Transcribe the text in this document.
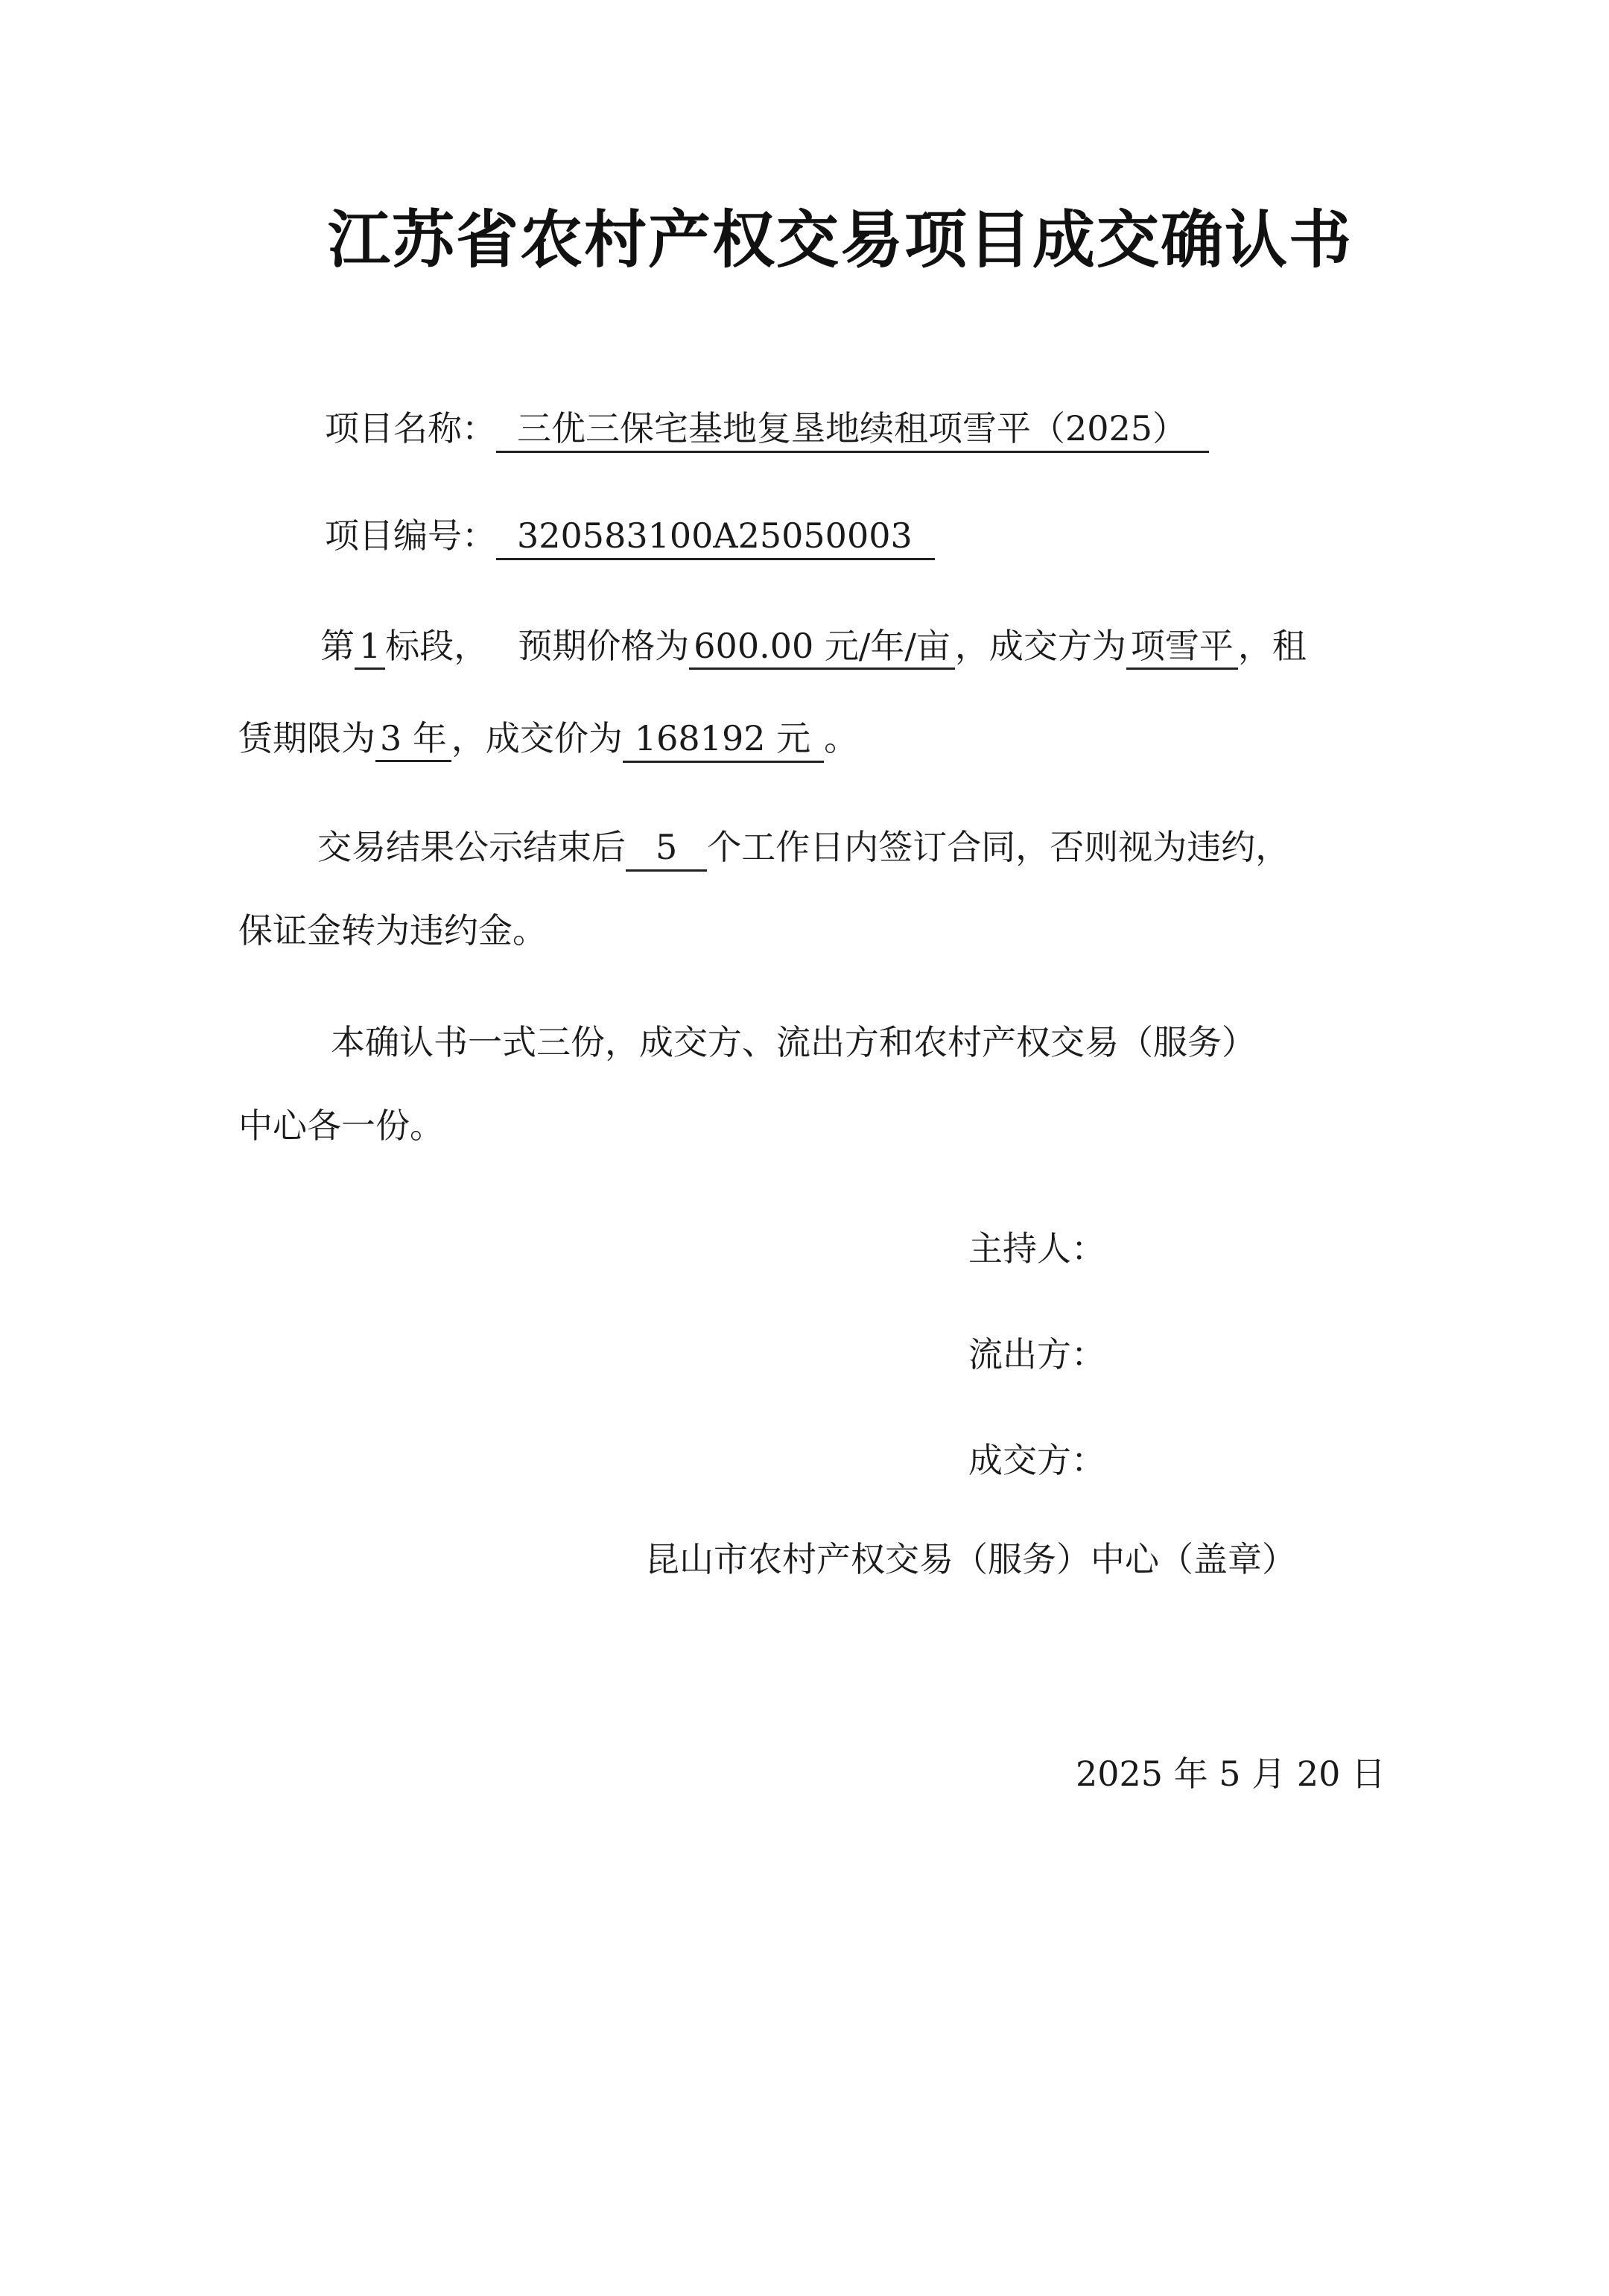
江苏省农村产权交易项目成交确认书
项目名称： 三优三保宅基地复垦地续租项雪平（2025）
项目编号： 320583100A25050003
第 1 标段， 预期价格为 600.00 元/年/亩 ，成交方为 项雪平 ，租
赁期限为 3 年 ，成交价为 168192 元 。
交易结果公示结束后 5 个工作日内签订合同，否则视为违约，
保证金转为违约金。
本确认书一式三份，成交方、流出方和农村产权交易（服务）
中心各一份。
主持人：
流出方：
成交方：
昆山市农村产权交易（服务）中心（盖章）
2025 年 5 月 20 日
